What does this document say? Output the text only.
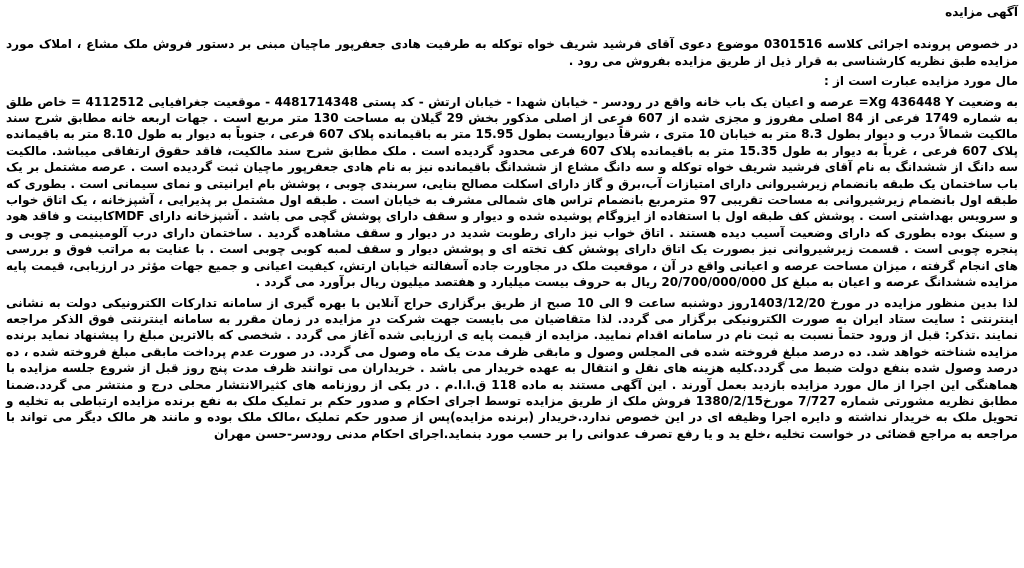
آگهی مزایده

در خصوص پرونده اجرائی کلاسه 0301516 موضوع دعوی آقای فرشید شریف خواه توکله به طرفیت هادی جعفرپور ماچیان مبنی بر دستور فروش ملک مشاع ، املاک مورد مزایده طبق نظریه کارشناسی به قرار ذیل از طریق مزایده بفروش می رود .

مال مورد مزایده عبارت است از :

به وضعیت Xg 436448 Y= عرصه و اعیان یک باب خانه واقع در رودسر - خیابان شهدا - خیابان ارتش - کد پستی 4481714348 - موقعیت جغرافیایی 4112512 = خاص طلق به شماره 1749 فرعی از 84 اصلی مفروز و مجزی شده از 607 فرعی از اصلی مذکور بخش 29 گیلان به مساحت 130 متر مربع است . جهات اربعه خانه مطابق شرح سند مالکیت شمالاً درب و دیوار بطول 8.3 متر به خیابان 10 متری ، شرقاً دیواریست بطول 15.95 متر به باقیمانده پلاک 607 فرعی ، جنوباً به دیوار به طول 8.10 متر به باقیمانده پلاک 607 فرعی ، غرباً به دیوار به طول 15.35 متر به باقیمانده پلاک 607 فرعی محدود گردیده است . ملک مطابق شرح سند مالکیت، فاقد حقوق ارتفاقی میباشد. مالکیت سه دانگ از ششدانگ به نام آقای فرشید شریف خواه توکله و سه دانگ مشاع از ششدانگ باقیمانده نیز به نام هادی جعفرپور ماچیان ثبت گردیده است . عرصه مشتمل بر یک باب ساختمان یک طبقه بانضمام زیرشیروانی دارای امتیازات آب،برق و گاز دارای اسکلت مصالح بنایی، سربندی چوبی ، پوشش بام ایرانیتی و نمای سیمانی است . بطوری که طبقه اول بانضمام زیرشیروانی به مساحت تقریبی 97 مترمربع بانضمام تراس های شمالی مشرف به خیابان است . طبقه اول مشتمل بر پذیرایی ، آشپزخانه ، یک اتاق خواب و سرویس بهداشتی است . پوشش کف طبقه اول با استفاده از ایزوگام پوشیده شده و دیوار و سقف دارای پوشش گچی می باشد . آشپزخانه دارای MDFکابینت و فاقد هود و سینک بوده بطوری که دارای وضعیت آسیب دیده هستند . اتاق خواب نیز دارای رطوبت شدید در دیوار و سقف مشاهده گردید . ساختمان دارای درب آلومینیمی و چوبی و پنجره چوبی است . قسمت زیرشیروانی نیز بصورت یک اتاق دارای پوشش کف تخته ای و پوشش دیوار و سقف لمبه کوبی چوبی است . با عنایت به مراتب فوق و بررسی های انجام گرفته ، میزان مساحت عرصه و اعیانی واقع در آن ، موقعیت ملک در مجاورت جاده آسفالته خیابان ارتش، کیفیت اعیانی و جمیع جهات مؤثر در ارزیابی، قیمت پایه مزایده ششدانگ عرصه و اعیان به مبلغ کل 20/700/000/000 ریال به حروف بیست میلیارد و هفتصد میلیون ریال برآورد می گردد .

لذا بدین منظور مزایده در مورخ 1403/12/20روز دوشنبه ساعت 9 الی 10 صبح از طریق برگزاری حراج آنلاین با بهره گیری از سامانه تدارکات الکترونیکی دولت به نشانی اینترنتی : سایت ستاد ایران به صورت الکترونیکی برگزار می گردد. لذا متقاضیان می بایست جهت شرکت در مزایده در زمان مقرر به سامانه اینترنتی فوق الذکر مراجعه نمایند .تذکر: قبل از ورود حتماً نسبت به ثبت نام در سامانه اقدام نمایید. مزایده از قیمت پایه ی ارزیابی شده آغاز می گردد . شخصی که بالاترین مبلغ را پیشنهاد نماید برنده مزایده شناخته خواهد شد. ده درصد مبلغ فروخته شده فی المجلس وصول و مابقی ظرف مدت یک ماه وصول می گردد. در صورت عدم پرداخت مابقی مبلغ فروخته شده ، ده درصد وصول شده بنفع دولت ضبط می گردد.کلیه هزینه های نقل و انتقال به عهده خریدار می باشد . خریداران می توانند ظرف مدت پنج روز قبل از شروع جلسه مزایده با هماهنگی این اجرا از مال مورد مزایده بازدید بعمل آورند . این آگهی مستند به ماده 118 ق.ا.ا.م . در یکی از روزنامه های کثیرالانتشار محلی درج و منتشر می گردد.ضمنا مطابق نظریه مشورتی شماره 7/727 مورخ1380/2/15 فروش ملک از طریق مزایده توسط اجرای احکام و صدور حکم بر تملیک ملک به نفع برنده مزایده ارتباطی به تخلیه و تحویل ملک به خریدار نداشته و دایره اجرا وظیفه ای در این خصوص ندارد.خریدار (برنده مزایده)پس از صدور حکم تملیک ،مالک ملک بوده و مانند هر مالک دیگر می تواند با مراجعه به مراجع قضائی در خواست تخلیه ،خلع ید و یا رفع تصرف عدوانی را بر حسب مورد بنماید.اجرای احکام مدنی رودسر-حسن مهران
